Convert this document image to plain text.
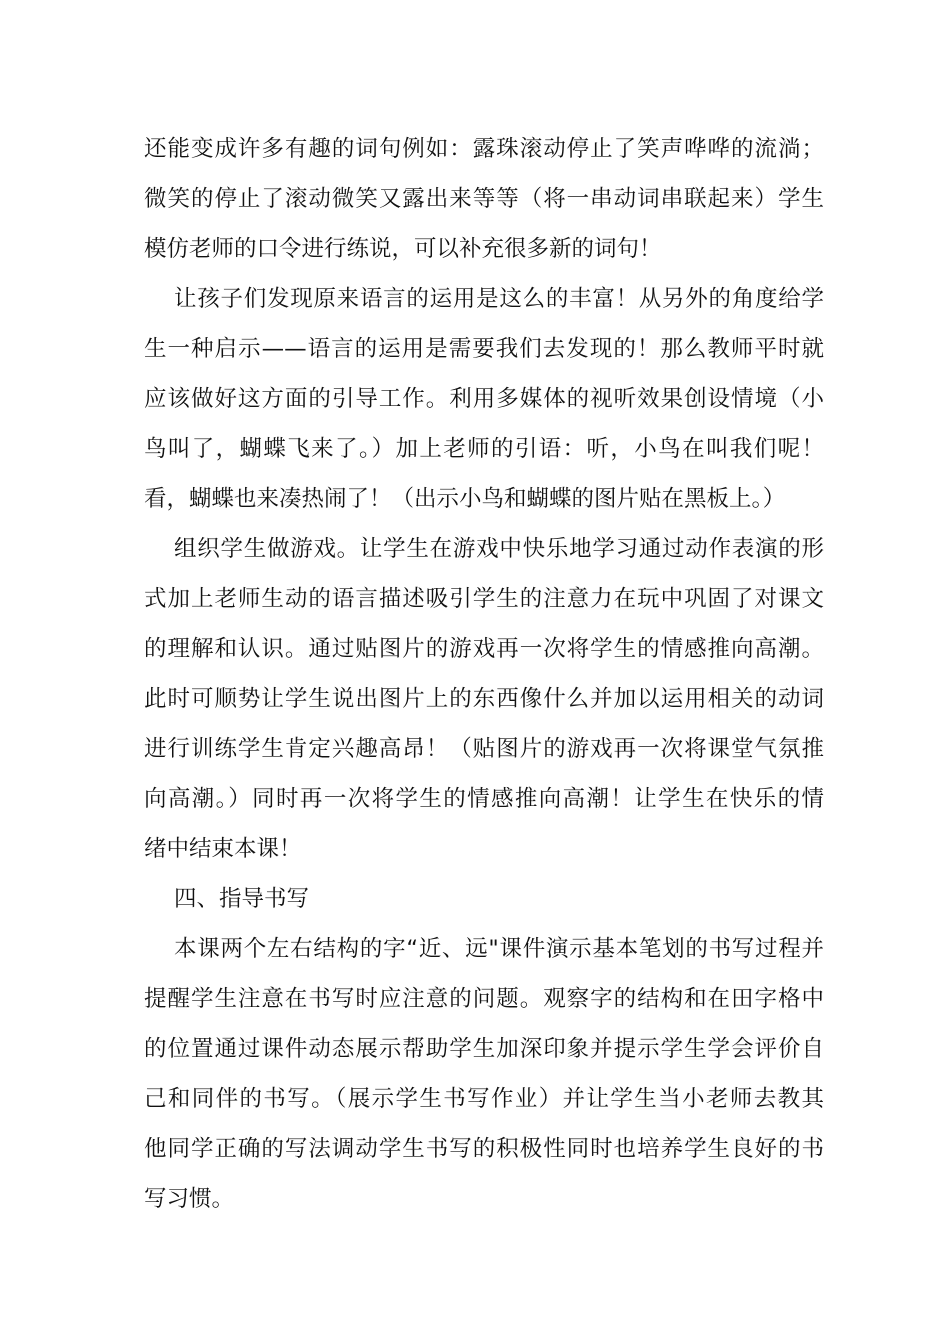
还能变成许多有趣的词句例如：露珠滚动停止了笑声哗哗的流淌；

微笑的停止了滚动微笑又露出来等等（将一串动词串联起来）学生

模仿老师的口令进行练说，可以补充很多新的词句！

让孩子们发现原来语言的运用是这么的丰富！从另外的角度给学

生一种启示——语言的运用是需要我们去发现的！那么教师平时就

应该做好这方面的引导工作。利用多媒体的视听效果创设情境（小

鸟叫了，蝴蝶飞来了。）加上老师的引语：听，小鸟在叫我们呢！

看，蝴蝶也来凑热闹了！（出示小鸟和蝴蝶的图片贴在黑板上。）

组织学生做游戏。让学生在游戏中快乐地学习通过动作表演的形

式加上老师生动的语言描述吸引学生的注意力在玩中巩固了对课文

的理解和认识。通过贴图片的游戏再一次将学生的情感推向高潮。

此时可顺势让学生说出图片上的东西像什么并加以运用相关的动词

进行训练学生肯定兴趣高昂！（贴图片的游戏再一次将课堂气氛推

向高潮。）同时再一次将学生的情感推向高潮！让学生在快乐的情

绪中结束本课！

四、指导书写

本课两个左右结构的字“近、远"课件演示基本笔划的书写过程并

提醒学生注意在书写时应注意的问题。观察字的结构和在田字格中

的位置通过课件动态展示帮助学生加深印象并提示学生学会评价自

己和同伴的书写。（展示学生书写作业）并让学生当小老师去教其

他同学正确的写法调动学生书写的积极性同时也培养学生良好的书

写习惯。
